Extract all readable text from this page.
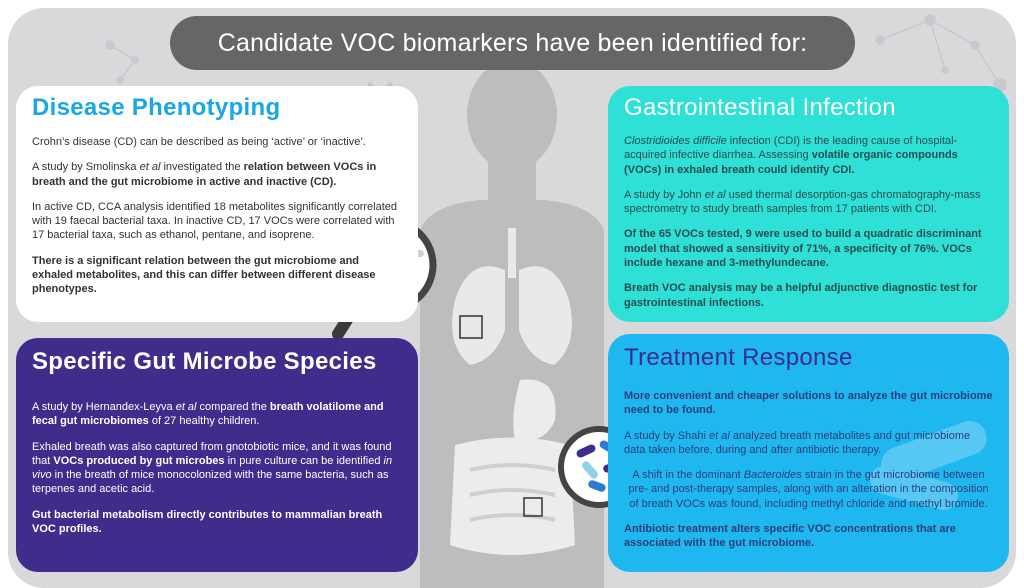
Candidate VOC biomarkers have been identified for:
Disease Phenotyping

Crohn’s disease (CD) can be described as being ‘active’ or ‘inactive’.

A study by Smolinska et al investigated the relation between VOCs in breath and the gut microbiome in active and inactive (CD).

In active CD, CCA analysis identified 18 metabolites significantly correlated with 19 faecal bacterial taxa. In inactive CD, 17 VOCs were correlated with 17 bacterial taxa, such as ethanol, pentane, and isoprene.

There is a significant relation between the gut microbiome and exhaled metabolites, and this can differ between different disease phenotypes.

Gastrointestinal Infection

Clostridioides difficile infection (CDI) is the leading cause of hospital-acquired infective diarrhea. Assessing volatile organic compounds (VOCs) in exhaled breath could identify CDI.

A study by John et al used thermal desorption-gas chromatography-mass spectrometry to study breath samples from 17 patients with CDI.

Of the 65 VOCs tested, 9 were used to build a quadratic discriminant model that showed a sensitivity of 71%, a specificity of 76%. VOCs include hexane and 3-methylundecane.

Breath VOC analysis may be a helpful adjunctive diagnostic test for gastrointestinal infections.

Specific Gut Microbe Species

A study by Hernandex-Leyva et al compared the breath volatilome and fecal gut microbiomes of 27 healthy children.

Exhaled breath was also captured from gnotobiotic mice, and it was found that VOCs produced by gut microbes in pure culture can be identified in vivo in the breath of mice monocolonized with the same bacteria, such as terpenes and acetic acid.

Gut bacterial metabolism directly contributes to mammalian breath VOC profiles.

Treatment Response

More convenient and cheaper solutions to analyze the gut microbiome need to be found.

A study by Shahi et al analyzed breath metabolites and gut microbiome data taken before, during and after antibiotic therapy.

A shift in the dominant Bacteroides strain in the gut microbiome between pre- and post-therapy samples, along with an alteration in the composition of breath VOCs was found, including methyl chloride and methyl bromide.

Antibiotic treatment alters specific VOC concentrations that are associated with the gut microbiome.
